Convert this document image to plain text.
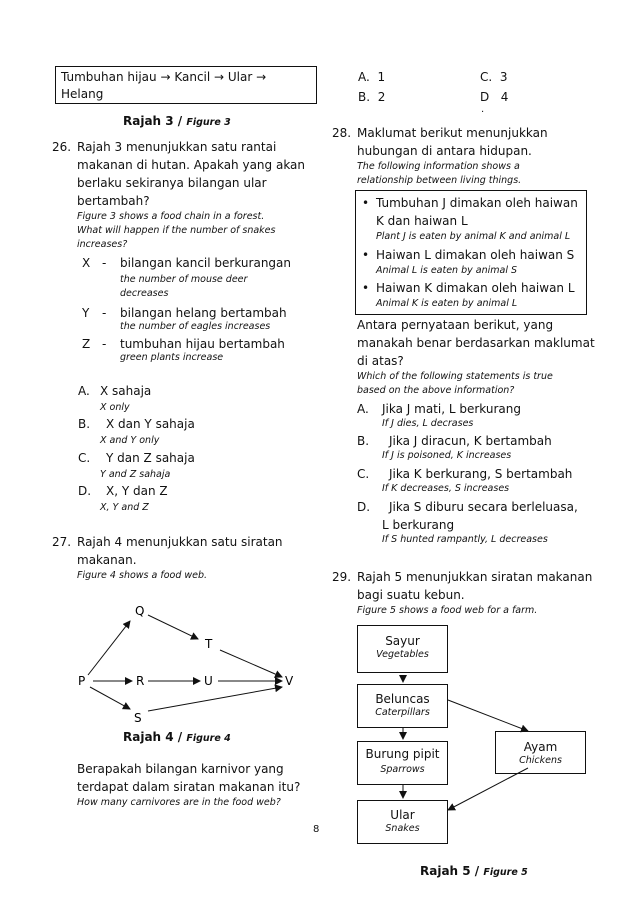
Tumbuhan hijau → Kancil → Ular →
Helang
Rajah 3 / Figure 3
26. Rajah 3 menunjukkan satu rantai
makanan di hutan. Apakah yang akan
berlaku sekiranya bilangan ular
bertambah?
Figure 3 shows a food chain in a forest.
What will happen if the number of snakes
increases?
X - bilangan kancil berkurangan
the number of mouse deer
decreases
Y - bilangan helang bertambah
the number of eagles increases
Z - tumbuhan hijau bertambah
green plants increase
A. X sahaja
X only
B. X dan Y sahaja
X and Y only
C. Y dan Z sahaja
Y and Z sahaja
D. X, Y dan Z
X, Y and Z
27. Rajah 4 menunjukkan satu siratan
makanan.
Figure 4 shows a food web.
P
Q
R
S
T
U	V
Rajah 4 / Figure 4
Berapakah bilangan karnivor yang
terdapat dalam siratan makanan itu?
How many carnivores are in the food web?
A. 1
B. 2
C. 3
D 4
.
28. Maklumat berikut menunjukkan
hubungan di antara hidupan.
The following information shows a
relationship between living things.
• Tumbuhan J dimakan oleh haiwan
K dan haiwan L
Plant J is eaten by animal K and animal L
• Haiwan L dimakan oleh haiwan S
Animal L is eaten by animal S
• Haiwan K dimakan oleh haiwan L
Animal K is eaten by animal L
Antara pernyataan berikut, yang
manakah benar berdasarkan maklumat
di atas?
Which of the following statements is true
based on the above information?
A. Jika J mati, L berkurang
If J dies, L decrases
B. Jika J diracun, K bertambah
If J is poisoned, K increases
C. Jika K berkurang, S bertambah
If K decreases, S increases
D. Jika S diburu secara berleluasa,
L berkurang
If S hunted rampantly, L decreases
29. Rajah 5 menunjukkan siratan makanan
bagi suatu kebun.
Figure 5 shows a food web for a farm.
Sayur
Vegetables
Beluncas
Caterpillars
Burung pipit
Sparrows
Ayam
Chickens
Ular
Snakes
Rajah 5 / Figure 5
8
